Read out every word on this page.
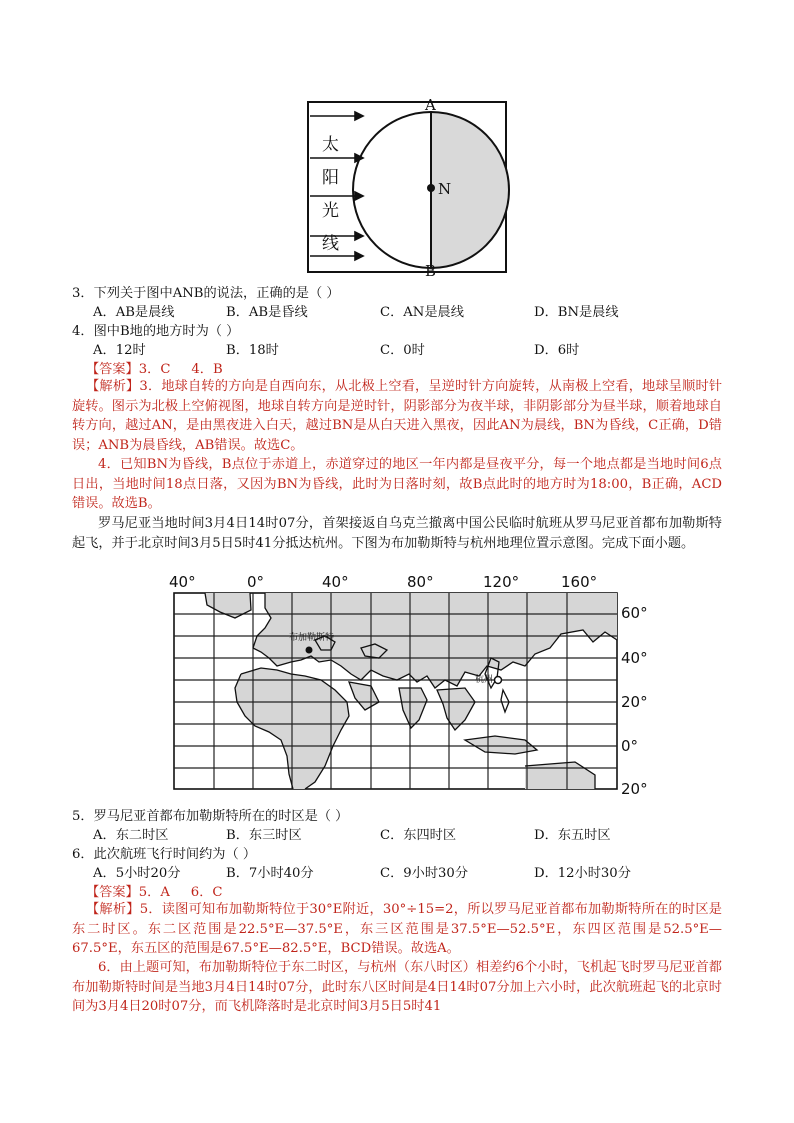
A
B
N
太
阳
光
线
3．下列关于图中ANB的说法，正确的是（ ）
A．AB是晨线	B．AB是昏线	C．AN是晨线	D．BN是晨线
4．图中B地的地方时为（ ）
A．12时	B．18时	C．0时	D．6时
【答案】3．C     4．B
【解析】3．地球自转的方向是自西向东，从北极上空看，呈逆时针方向旋转，从南极上空看，地球呈顺时针旋转。图示为北极上空俯视图，地球自转方向是逆时针，阴影部分为夜半球，非阴影部分为昼半球，顺着地球自转方向，越过AN，是由黑夜进入白天，越过BN是从白天进入黑夜，因此AN为晨线，BN为昏线，C正确，D错误；ANB为晨昏线，AB错误。故选C。
4．已知BN为昏线，B点位于赤道上，赤道穿过的地区一年内都是昼夜平分，每一个地点都是当地时间6点日出，当地时间18点日落，又因为BN为昏线，此时为日落时刻，故B点此时的地方时为18:00，B正确，ACD错误。故选B。
罗马尼亚当地时间3月4日14时07分，首架接返自乌克兰撤离中国公民临时航班从罗马尼亚首都布加勒斯特起飞，并于北京时间3月5日5时41分抵达杭州。下图为布加勒斯特与杭州地理位置示意图。完成下面小题。
40°	0°	40°	80°	120°	160°
60°
40°
20°
0°
20°
布加勒斯特
杭州
5．罗马尼亚首都布加勒斯特所在的时区是（ ）
A．东二时区	B．东三时区	C．东四时区	D．东五时区
6．此次航班飞行时间约为（ ）
A．5小时20分	B．7小时40分	C．9小时30分	D．12小时30分
【答案】5．A     6．C
【解析】5．读图可知布加勒斯特位于30°E附近，30°÷15=2，所以罗马尼亚首都布加勒斯特所在的时区是东二时区。东二区范围是22.5°E—37.5°E，东三区范围是37.5°E—52.5°E，东四区范围是52.5°E—67.5°E，东五区的范围是67.5°E—82.5°E，BCD错误。故选A。
6．由上题可知，布加勒斯特位于东二时区，与杭州（东八时区）相差约6个小时，飞机起飞时罗马尼亚首都布加勒斯特时间是当地3月4日14时07分，此时东八区时间是4日14时07分加上六小时，此次航班起飞的北京时间为3月4日20时07分，而飞机降落时是北京时间3月5日5时41
